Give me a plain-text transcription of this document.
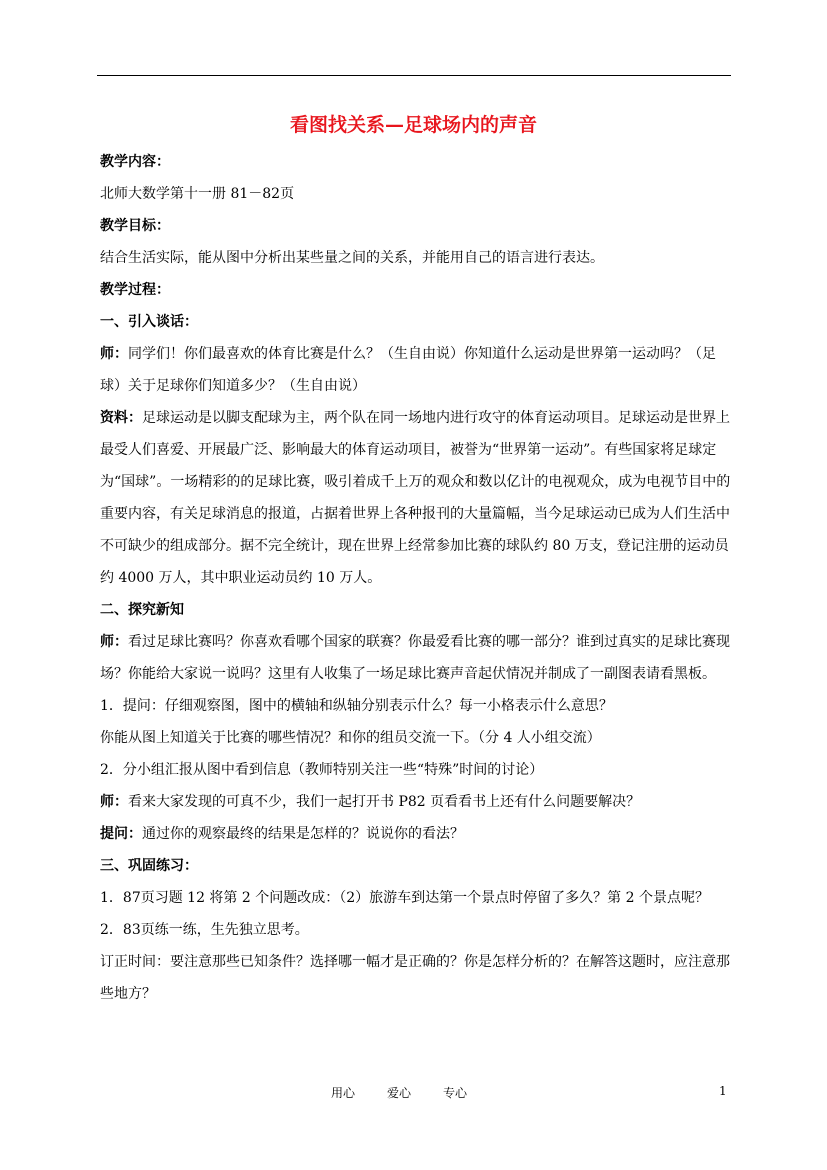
看图找关系—足球场内的声音

教学内容：

北师大数学第十一册 81－82页

教学目标：

结合生活实际，能从图中分析出某些量之间的关系，并能用自己的语言进行表达。

教学过程：

一、引入谈话：

师：同学们！你们最喜欢的体育比赛是什么？（生自由说）你知道什么运动是世界第一运动吗？（足球）关于足球你们知道多少？（生自由说）

资料：足球运动是以脚支配球为主，两个队在同一场地内进行攻守的体育运动项目。足球运动是世界上最受人们喜爱、开展最广泛、影响最大的体育运动项目，被誉为“世界第一运动”。有些国家将足球定为“国球”。一场精彩的的足球比赛，吸引着成千上万的观众和数以亿计的电视观众，成为电视节目中的重要内容，有关足球消息的报道，占据着世界上各种报刊的大量篇幅，当今足球运动已成为人们生活中不可缺少的组成部分。据不完全统计，现在世界上经常参加比赛的球队约 80 万支，登记注册的运动员约 4000 万人，其中职业运动员约 10 万人。

二、探究新知

师：看过足球比赛吗？你喜欢看哪个国家的联赛？你最爱看比赛的哪一部分？谁到过真实的足球比赛现场？你能给大家说一说吗？这里有人收集了一场足球比赛声音起伏情况并制成了一副图表请看黑板。

1．提问：仔细观察图，图中的横轴和纵轴分别表示什么？每一小格表示什么意思？

你能从图上知道关于比赛的哪些情况？和你的组员交流一下。（分 4 人小组交流）

2．分小组汇报从图中看到信息（教师特别关注一些“特殊”时间的讨论）

师：看来大家发现的可真不少，我们一起打开书 P82 页看看书上还有什么问题要解决？

提问：通过你的观察最终的结果是怎样的？说说你的看法？

三、巩固练习：

1．87页习题 12 将第 2 个问题改成：（2）旅游车到达第一个景点时停留了多久？第 2 个景点呢？

2．83页练一练，生先独立思考。

订正时间：要注意那些已知条件？选择哪一幅才是正确的？你是怎样分析的？在解答这题时，应注意那些地方？

用心	爱心	专心	1
